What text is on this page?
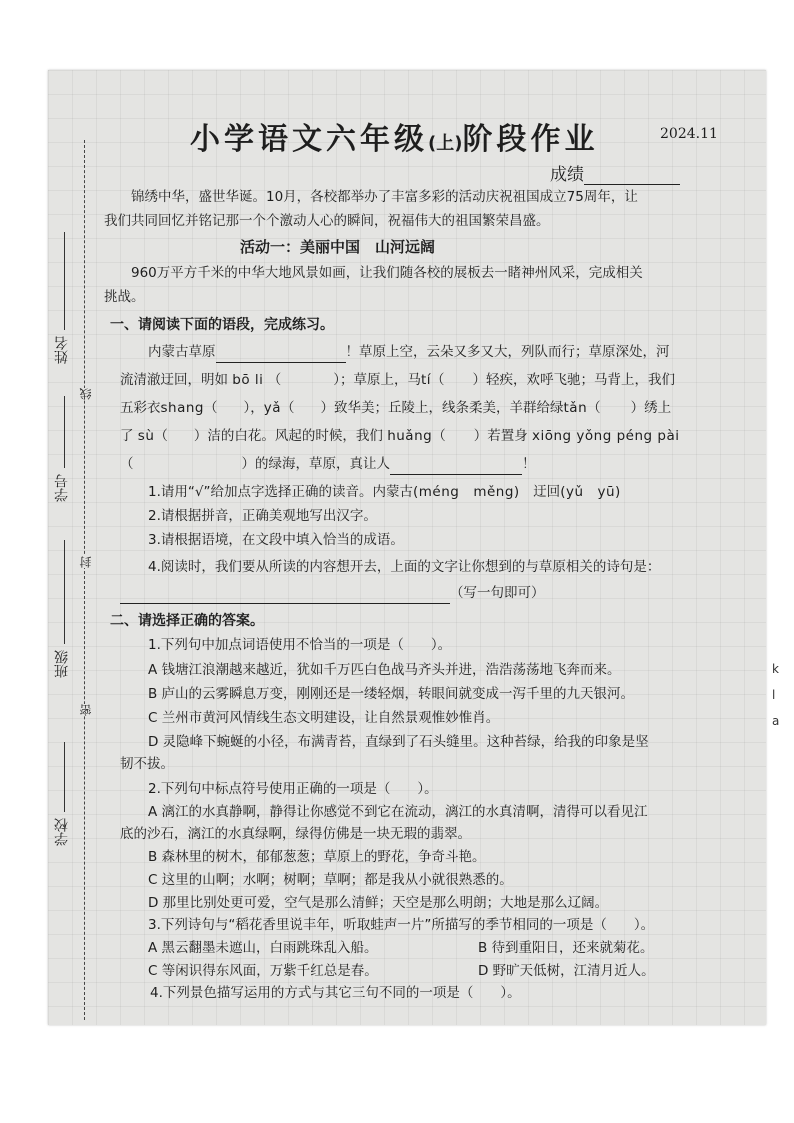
姓名
学号
班级
学校
线
封
密
小学语文六年级(上)阶段作业	2024.11
成绩
锦绣中华，盛世华诞。10月，各校都举办了丰富多彩的活动庆祝祖国成立75周年，让
我们共同回忆并铭记那一个个激动人心的瞬间，祝福伟大的祖国繁荣昌盛。
活动一：美丽中国　山河远阔
960万平方千米的中华大地风景如画，让我们随各校的展板去一睹神州风采，完成相关
挑战。
一、请阅读下面的语段，完成练习。
内蒙古草原	！草原上空，云朵又多又大，列队而行；草原深处，河
流清澈迂回，明如 bō li （	）；草原上，马tí（ ）轻疾，欢呼飞驰；马背上，我们
五彩衣shang（ ），yǎ（ ）致华美；丘陵上，线条柔美，羊群给绿tǎn（ ）绣上
了 sù（ ）洁的白花。风起的时候，我们 huǎng（ ）若置身 xiōng yǒng péng pài
（	）的绿海，草原，真让人	！
1.请用“√”给加点字选择正确的读音。内蒙古(méng　měng)　 迂回(yǔ　yū)
2.请根据拼音，正确美观地写出汉字。
3.请根据语境，在文段中填入恰当的成语。
4.阅读时，我们要从所读的内容想开去，上面的文字让你想到的与草原相关的诗句是：
（写一句即可）
二、请选择正确的答案。
1.下列句中加点词语使用不恰当的一项是（　　）。
A 钱塘江浪潮越来越近，犹如千万匹白色战马齐头并进，浩浩荡荡地飞奔而来。
B 庐山的云雾瞬息万变，刚刚还是一缕轻烟，转眼间就变成一泻千里的九天银河。
C 兰州市黄河风情线生态文明建设，让自然景观惟妙惟肖。
D 灵隐峰下蜿蜒的小径，布满青苔，直绿到了石头缝里。这种苔绿，给我的印象是坚
韧不拔。
2.下列句中标点符号使用正确的一项是（　　）。
A 漓江的水真静啊，静得让你感觉不到它在流动，漓江的水真清啊，清得可以看见江
底的沙石，漓江的水真绿啊，绿得仿佛是一块无瑕的翡翠。
B 森林里的树木，郁郁葱葱；草原上的野花，争奇斗艳。
C 这里的山啊；水啊；树啊；草啊；都是我从小就很熟悉的。
D 那里比别处更可爱，空气是那么清鲜；天空是那么明朗；大地是那么辽阔。
3.下列诗句与“稻花香里说丰年，听取蛙声一片”所描写的季节相同的一项是（　　）。
A 黑云翻墨未遮山，白雨跳珠乱入船。	B 待到重阳日，还来就菊花。
C 等闲识得东风面，万紫千红总是春。	D 野旷天低树，江清月近人。
4.下列景色描写运用的方式与其它三句不同的一项是（　　）。
k
l
a
